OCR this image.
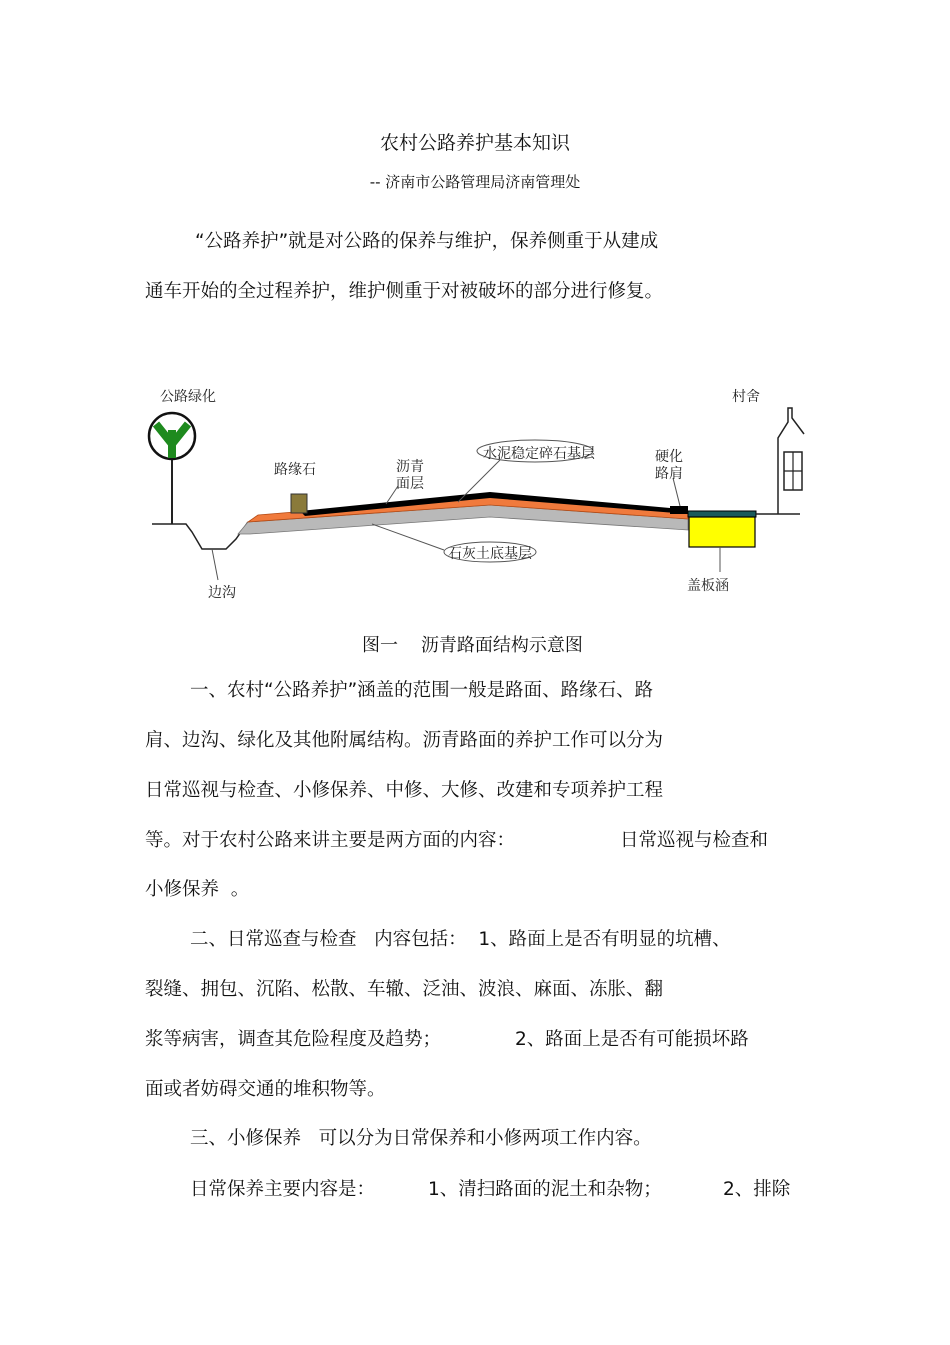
农村公路养护基本知识
-- 济南市公路管理局济南管理处
“公路养护”就是对公路的保养与维护，保养侧重于从建成
通车开始的全过程养护，维护侧重于对被破坏的部分进行修复。
公路绿化	村舍
路缘石	沥青
面层
水泥稳定碎石基层	硬化
路肩
石灰土底基层
边沟	盖板涵
图一    沥青路面结构示意图
一、农村“公路养护”涵盖的范围一般是路面、路缘石、路
肩、边沟、绿化及其他附属结构。沥青路面的养护工作可以分为
日常巡视与检查、小修保养、中修、大修、改建和专项养护工程
等。对于农村公路来讲主要是两方面的内容：	日常巡视与检查和
小修保养  。
二、日常巡查与检查   内容包括：  1、路面上是否有明显的坑槽、
裂缝、拥包、沉陷、松散、车辙、泛油、波浪、麻面、冻胀、翻
浆等病害，调查其危险程度及趋势；	2、路面上是否有可能损坏路
面或者妨碍交通的堆积物等。
三、小修保养   可以分为日常保养和小修两项工作内容。
日常保养主要内容是：	1、清扫路面的泥土和杂物；	2、排除
